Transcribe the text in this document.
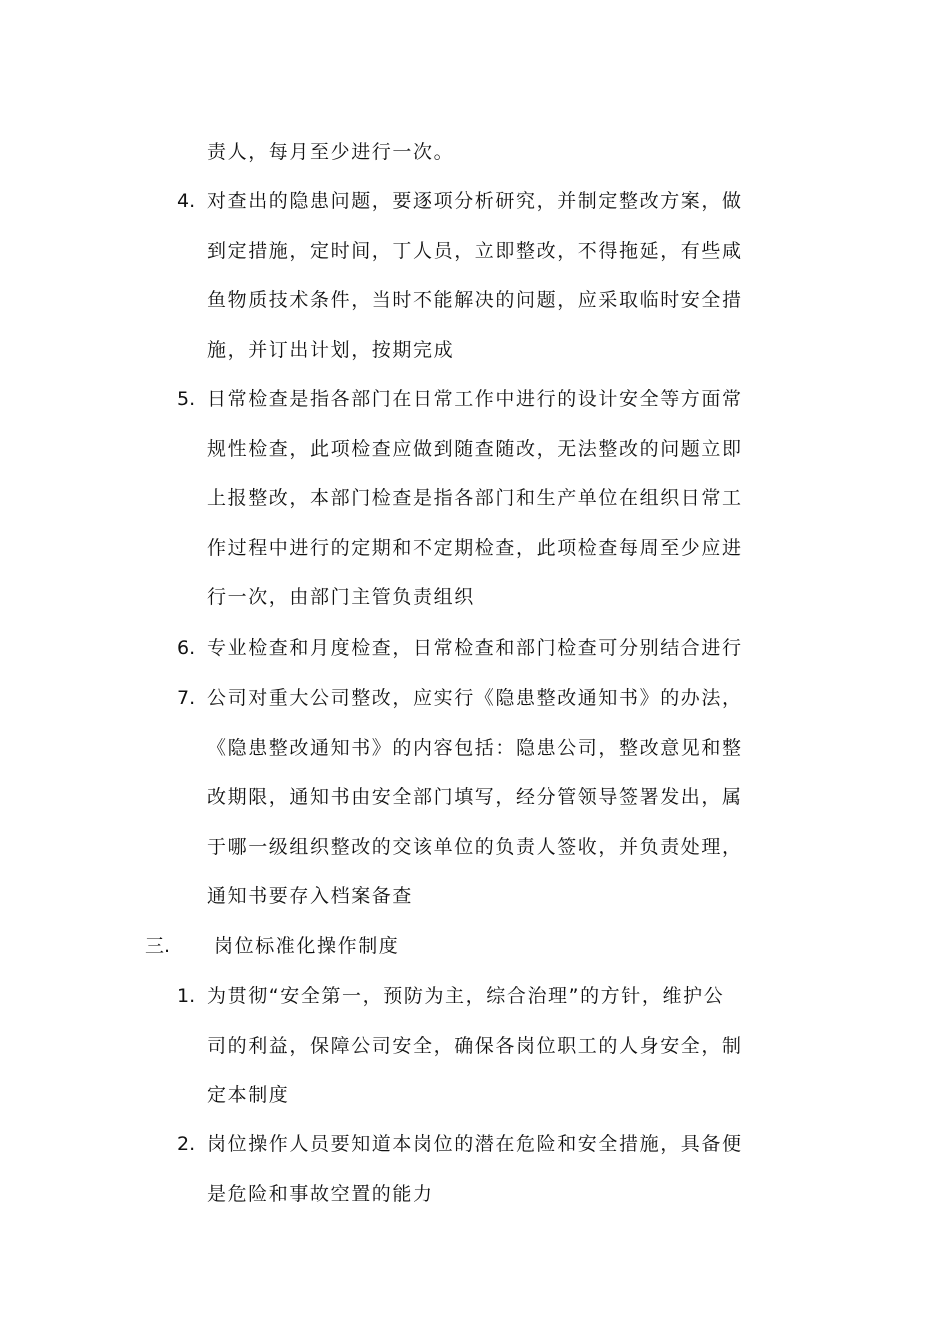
责人，每月至少进行一次。
4. 对查出的隐患问题，要逐项分析研究，并制定整改方案，做
到定措施，定时间，丁人员，立即整改，不得拖延，有些咸
鱼物质技术条件，当时不能解决的问题，应采取临时安全措
施，并订出计划，按期完成
5. 日常检查是指各部门在日常工作中进行的设计安全等方面常
规性检查，此项检查应做到随查随改，无法整改的问题立即
上报整改，本部门检查是指各部门和生产单位在组织日常工
作过程中进行的定期和不定期检查，此项检查每周至少应进
行一次，由部门主管负责组织
6. 专业检查和月度检查，日常检查和部门检查可分别结合进行
7. 公司对重大公司整改，应实行《隐患整改通知书》的办法，
《隐患整改通知书》的内容包括：隐患公司，整改意见和整
改期限，通知书由安全部门填写，经分管领导签署发出，属
于哪一级组织整改的交该单位的负责人签收，并负责处理，
通知书要存入档案备查
三. 岗位标准化操作制度
1. 为贯彻“安全第一，预防为主，综合治理”的方针，维护公
司的利益，保障公司安全，确保各岗位职工的人身安全，制
定本制度
2. 岗位操作人员要知道本岗位的潜在危险和安全措施，具备便
是危险和事故空置的能力
